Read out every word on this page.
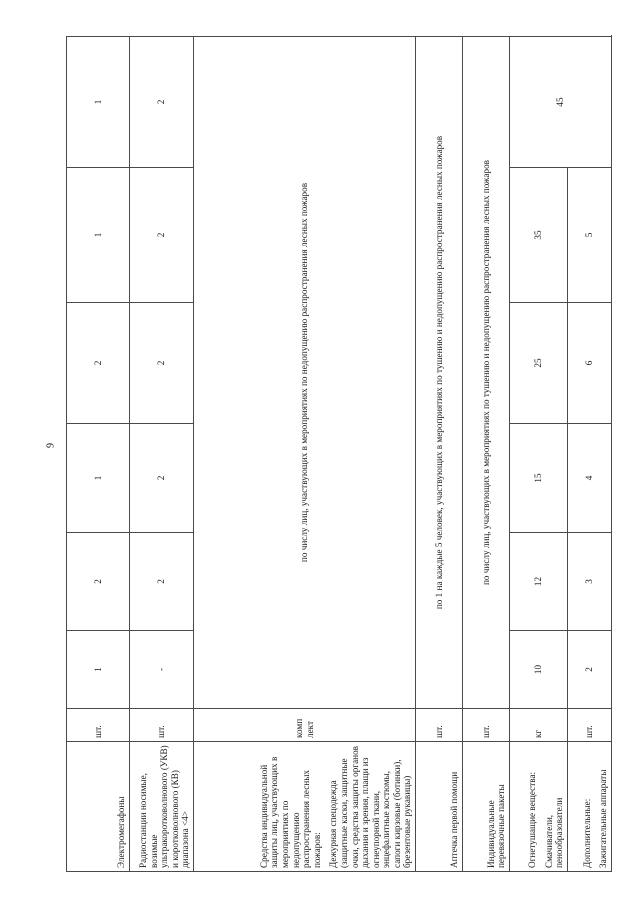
9
Электромегафоны	шт.	1	2	1	2	1	1
Радиостанции носимые, возимые ультракоротковолнового (УКВ) и коротковолнового (КВ) диапазона <4>	шт.	-	2	2	2	2	2
Средства индивидуальной защиты лиц, участвующих в мероприятиях по недопущению распространения лесных пожаров: Дежурная спецодежда (защитные каски, защитные очки, средства защиты органов дыхания и зрения, плащи из огнеупорной ткани, энцефалитные костюмы, сапоги кирзовые (ботинки), брезентовые рукавицы)	комп лект	по числу лиц, участвующих в мероприятиях по недопущению распространения лесных пожаров					
Аптечка первой помощи	шт.	по 1 на каждые 5 человек, участвующих в мероприятиях по тушению и недопущению распространения лесных пожаров					
Индивидуальные перевязочные пакеты	шт.	по числу лиц, участвующих в мероприятиях по тушению и недопущению распространения лесных пожаров					
Огнетушащие вещества: Смачиватели, пенообразователи	кг	10	12	15	25	35	45
Дополнительные: Зажигательные аппараты	шт.	2	3	4	6	5	
